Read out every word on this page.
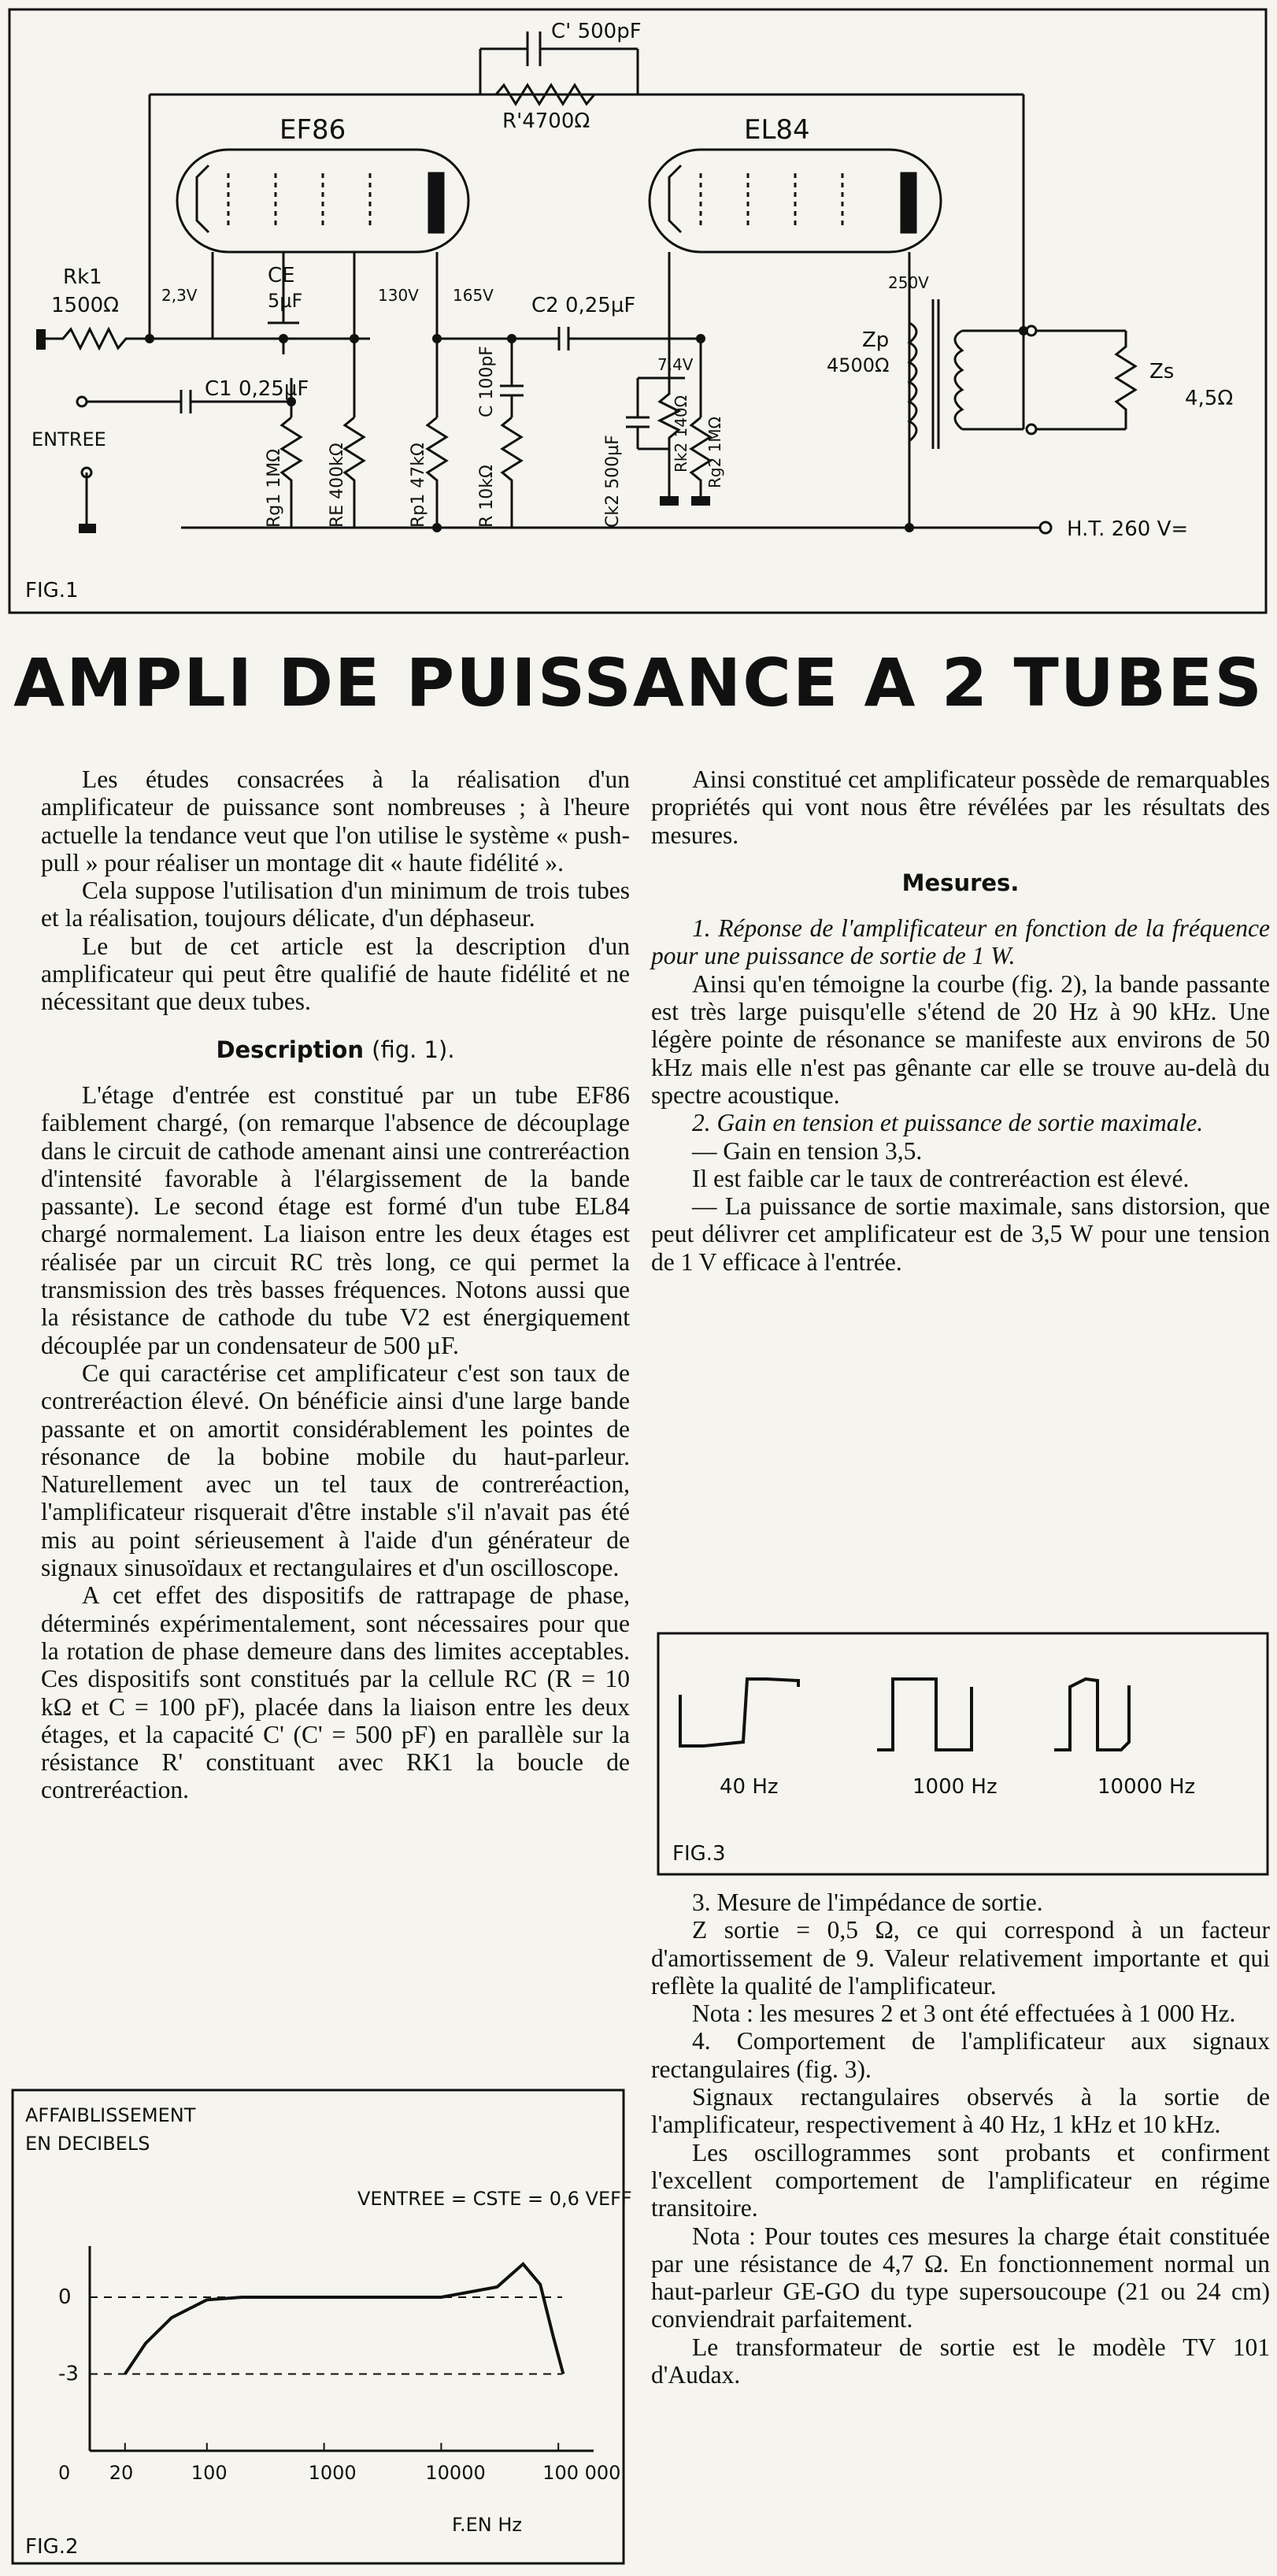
C' 500pF
R'4700Ω
EF86	EL84
Rk1
1500Ω	2,3V
CE
5µF	130V 165V C2 0,25µF
C1 0,25µF
ENTREE
Rg1 1MΩ	RE 400kΩ	Rp1 47kΩ
C 100pF
R 10kΩ	Ck2 500µF
7,4V
Rk2 140Ω Rg2 1MΩ
250V
Zp
4500Ω	Zs
4,5Ω
H.T. 260 V=
FIG.1
AMPLI DE PUISSANCE A 2 TUBES

Les études consacrées à la réalisation d'un amplificateur de puissance sont nombreuses ; à l'heure actuelle la tendance veut que l'on utilise le système « push-pull » pour réaliser un montage dit « haute fidélité ».

Cela suppose l'utilisation d'un minimum de trois tubes et la réalisation, toujours délicate, d'un déphaseur.

Le but de cet article est la description d'un amplificateur qui peut être qualifié de haute fidélité et ne nécessitant que deux tubes.

Description (fig. 1).

L'étage d'entrée est constitué par un tube EF86 faiblement chargé, (on remarque l'absence de découplage dans le circuit de cathode amenant ainsi une contreréaction d'intensité favorable à l'élargissement de la bande passante). Le second étage est formé d'un tube EL84 chargé normalement. La liaison entre les deux étages est réalisée par un circuit RC très long, ce qui permet la transmission des très basses fréquences. Notons aussi que la résistance de cathode du tube V2 est énergiquement découplée par un condensateur de 500 µF.

Ce qui caractérise cet amplificateur c'est son taux de contreréaction élevé. On bénéficie ainsi d'une large bande passante et on amortit considérablement les pointes de résonance de la bobine mobile du haut-parleur. Naturellement avec un tel taux de contreréaction, l'amplificateur risquerait d'être instable s'il n'avait pas été mis au point sérieusement à l'aide d'un générateur de signaux sinusoïdaux et rectangulaires et d'un oscilloscope.

A cet effet des dispositifs de rattrapage de phase, déterminés expérimentalement, sont nécessaires pour que la rotation de phase demeure dans des limites acceptables. Ces dispositifs sont constitués par la cellule RC (R = 10 kΩ et C = 100 pF), placée dans la liaison entre les deux étages, et la capacité C' (C' = 500 pF) en parallèle sur la résistance R' constituant avec RK1 la boucle de contreréaction.

Ainsi constitué cet amplificateur possède de remarquables propriétés qui vont nous être révélées par les résultats des mesures.

Mesures.

1. Réponse de l'amplificateur en fonction de la fréquence pour une puissance de sortie de 1 W.

Ainsi qu'en témoigne la courbe (fig. 2), la bande passante est très large puisqu'elle s'étend de 20 Hz à 90 kHz. Une légère pointe de résonance se manifeste aux environs de 50 kHz mais elle n'est pas gênante car elle se trouve au-delà du spectre acoustique.

2. Gain en tension et puissance de sortie maximale.

— Gain en tension 3,5.

Il est faible car le taux de contreréaction est élevé.

— La puissance de sortie maximale, sans distorsion, que peut délivrer cet amplificateur est de 3,5 W pour une tension de 1 V efficace à l'entrée.

40 Hz	1000 Hz	10000 Hz
FIG.3

3. Mesure de l'impédance de sortie.

Z sortie = 0,5 Ω, ce qui correspond à un facteur d'amortissement de 9. Valeur relativement importante et qui reflète la qualité de l'amplificateur.

Nota : les mesures 2 et 3 ont été effectuées à 1 000 Hz.

4. Comportement de l'amplificateur aux signaux rectangulaires (fig. 3).

Signaux rectangulaires observés à la sortie de l'amplificateur, respectivement à 40 Hz, 1 kHz et 10 kHz.

Les oscillogrammes sont probants et confirment l'excellent comportement de l'amplificateur en régime transitoire.

Nota : Pour toutes ces mesures la charge était constituée par une résistance de 4,7 Ω. En fonctionnement normal un haut-parleur GE-GO du type supersoucoupe (21 ou 24 cm) conviendrait parfaitement.

Le transformateur de sortie est le modèle TV 101 d'Audax.

AFFAIBLISSEMENT
EN DECIBELS
VENTREE = CSTE = 0,6 VEFF
0
-3
20	100	1000	10000	100 000
0
F.EN Hz
FIG.2
